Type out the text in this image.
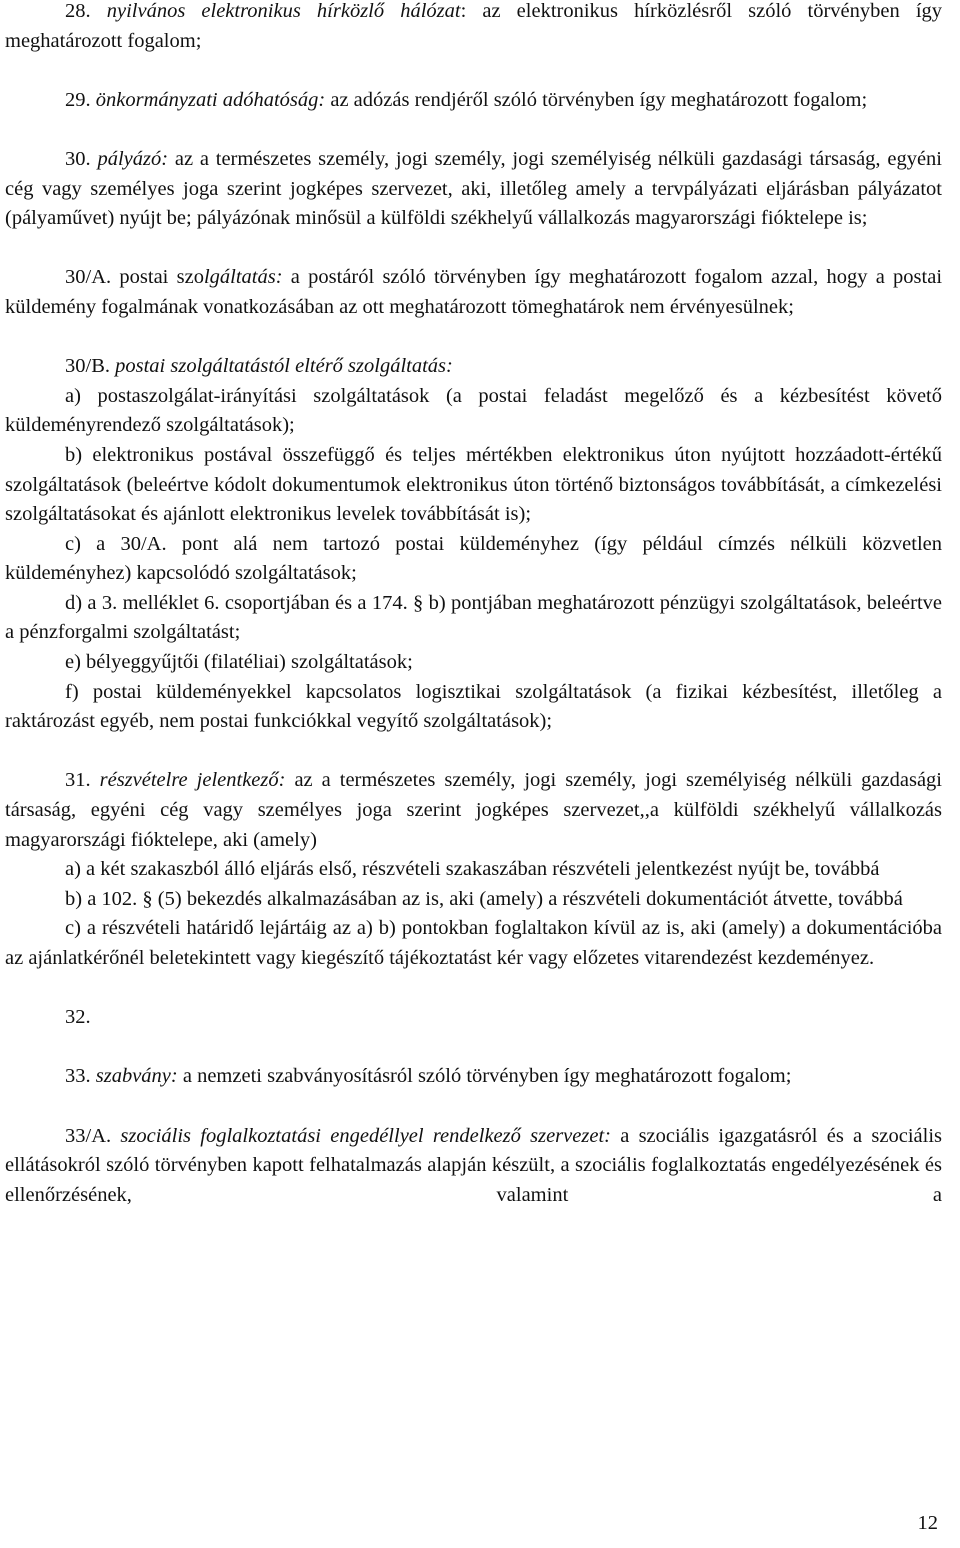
28. nyilvános elektronikus hírközlő hálózat: az elektronikus hírközlésről szóló törvényben így meghatározott fogalom;

29. önkormányzati adóhatóság: az adózás rendjéről szóló törvényben így meghatározott fogalom;

30. pályázó: az a természetes személy, jogi személy, jogi személyiség nélküli gazdasági társaság, egyéni cég vagy személyes joga szerint jogképes szervezet, aki, illetőleg amely a tervpályázati eljárásban pályázatot (pályaművet) nyújt be; pályázónak minősül a külföldi székhelyű vállalkozás magyarországi fióktelepe is;

30/A. postai szolgáltatás: a postáról szóló törvényben így meghatározott fogalom azzal, hogy a postai küldemény fogalmának vonatkozásában az ott meghatározott tömeghatárok nem érvényesülnek;

30/B. postai szolgáltatástól eltérő szolgáltatás:

a) postaszolgálat-irányítási szolgáltatások (a postai feladást megelőző és a kézbesítést követő küldeményrendező szolgáltatások);

b) elektronikus postával összefüggő és teljes mértékben elektronikus úton nyújtott hozzáadott-értékű szolgáltatások (beleértve kódolt dokumentumok elektronikus úton történő biztonságos továbbítását, a címkezelési szolgáltatásokat és ajánlott elektronikus levelek továbbítását is);

c) a 30/A. pont alá nem tartozó postai küldeményhez (így például címzés nélküli közvetlen küldeményhez) kapcsolódó szolgáltatások;

d) a 3. melléklet 6. csoportjában és a 174. § b) pontjában meghatározott pénzügyi szolgáltatások, beleértve a pénzforgalmi szolgáltatást;

e) bélyeggyűjtői (filatéliai) szolgáltatások;

f) postai küldeményekkel kapcsolatos logisztikai szolgáltatások (a fizikai kézbesítést, illetőleg a raktározást egyéb, nem postai funkciókkal vegyítő szolgáltatások);

31. részvételre jelentkező: az a természetes személy, jogi személy, jogi személyiség nélküli gazdasági társaság, egyéni cég vagy személyes joga szerint jogképes szervezet,,a külföldi székhelyű vállalkozás magyarországi fióktelepe, aki (amely)

a) a két szakaszból álló eljárás első, részvételi szakaszában részvételi jelentkezést nyújt be, továbbá

b) a 102. § (5) bekezdés alkalmazásában az is, aki (amely) a részvételi dokumentációt átvette, továbbá

c) a részvételi határidő lejártáig az a) b) pontokban foglaltakon kívül az is, aki (amely) a dokumentációba az ajánlatkérőnél beletekintett vagy kiegészítő tájékoztatást kér vagy előzetes vitarendezést kezdeményez.

32.

33. szabvány: a nemzeti szabványosításról szóló törvényben így meghatározott fogalom;

33/A. szociális foglalkoztatási engedéllyel rendelkező szervezet: a szociális igazgatásról és a szociális ellátásokról szóló törvényben kapott felhatalmazás alapján készült, a szociális foglalkoztatás engedélyezésének és ellenőrzésének, valamint a

12
